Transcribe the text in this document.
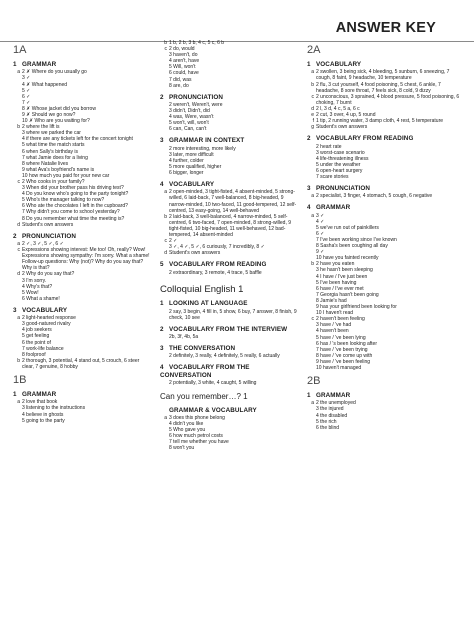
ANSWER KEY
1A
1 GRAMMAR
a 2 ✗ Where do you usually go
3 ✓
4 ✗ What happened
5 ✓
6 ✓
7 ✓
8 ✗ Whose jacket did you borrow
9 ✗ Should we go now?
10 ✗ Who are you waiting for?
b 2 where the lift is
3 where we parked the car
4 if there are any tickets left for the concert tonight
5 what time the match starts
6 when Sally's birthday is
7 what Jamie does for a living
8 where Natalie lives
9 what Ava's boyfriend's name is
10 how much you paid for your new car
c 2 Who cooks in your family?
3 When did your brother pass his driving test?
4 Do you know who's going to the party tonight?
5 Who's the manager talking to now?
6 Who ate the chocolates I left in the cupboard?
7 Why didn't you come to school yesterday?
8 Do you remember what time the meeting is?
d Student's own answers
2 PRONUNCIATION
a 2 ✓, 3 ✓, 5 ✓, 6 ✓
c Expressions showing interest: Me too! Oh, really? Wow!
Expressions showing sympathy: I'm sorry. What a shame!
Follow-up questions: Why (not)? Why do you say that? Why is that?
d 2 Why do you say that?
3 I'm sorry.
4 Why's that?
5 Wow!
6 What a shame!
3 VOCABULARY
a 2 light-hearted response
3 good-natured rivalry
4 job seekers
5 get feeling
6 the point of
7 work-life balance
8 foolproof
b 2 thorough, 3 potential, 4 stand out, 5 crouch, 6 steer clear, 7 genuine, 8 hobby
1B
1 GRAMMAR
a 2 love that book
3 listening to the instructions
4 believe in ghosts
5 going to the party
b 1 b, 2 b, 3 b, 4 c, 5 c, 6 b
c 2 do, would
3 haven't, do
4 aren't, have
5 Will, won't
6 could, have
7 did, was
8 are, do
2 PRONUNCIATION
2 weren't, Weren't, were
3 didn't, Didn't, did
4 was, Were, wasn't
5 won't, will, won't
6 can, Can, can't
3 GRAMMAR IN CONTEXT
2 more interesting, more likely
3 later, more difficult
4 further, colder
5 more qualified, higher
6 bigger, longer
4 VOCABULARY
a 2 open-minded, 3 tight-fisted, 4 absent-minded, 5 strong-willed, 6 laid-back, 7 well-balanced, 8 big-headed, 9 narrow-minded, 10 two-faced, 11 good-tempered, 12 self-centred, 13 easy-going, 14 well-behaved
b 2 laid-back, 3 well-balanced, 4 narrow-minded, 5 self-centred, 6 two-faced, 7 open-minded, 8 strong-willed, 9 tight-fisted, 10 big-headed, 11 well-behaved, 12 bad-tempered, 14 absent-minded
c 2 ✓
3 ✓, 4 ✓, 5 ✓, 6 curiously, 7 incredibly, 8 ✓
d Student's own answers
5 VOCABULARY FROM READING
2 extraordinary, 3 remote, 4 trace, 5 baffle
Colloquial English 1
1 LOOKING AT LANGUAGE
2 say, 3 begin, 4 fill in, 5 show, 6 buy, 7 answer, 8 finish, 9 check, 10 see
2 VOCABULARY FROM THE INTERVIEW
2b, 3f, 4b, 5a
3 THE CONVERSATION
2 definitely, 3 really, 4 definitely, 5 really, 6 actually
4 VOCABULARY FROM THE CONVERSATION
2 potentially, 3 white, 4 caught, 5 willing
Can you remember…? 1
GRAMMAR & VOCABULARY
a 3 does this phone belong
4 didn't you like
5 Who gave you
6 how much petrol costs
7 tell me whether you have
8 won't you
2A
1 VOCABULARY
a 2 swollen, 3 being sick, 4 bleeding, 5 sunburn, 6 sneezing, 7 cough, 8 faint, 9 headache, 10 temperature
b 2 flu, 3 cut yourself, 4 food poisoning, 5 chest, 6 ankle, 7 headache, 8 sore throat, 7 feels sick, 8 cold, 9 dizzy
c 2 unconscious, 3 sprained, 4 blood pressure, 5 food poisoning, 6 choking, 7 burnt
d 2 l, 3 d, 4 c, 5 a, 6 c
e 2 cut, 3 over, 4 up, 5 round
f 1 tip, 2 running water, 3 damp cloth, 4 rest, 5 temperature
g Student's own answers
2 VOCABULARY FROM READING
2 heart rate
3 worst-case scenario
4 life-threatening illness
5 under the weather
6 open-heart surgery
7 scare stories
3 PRONUNCIATION
a 2 specialist, 3 finger, 4 stomach, 5 cough, 6 negative
4 GRAMMAR
a 3 ✓
4 ✓
5 we've run out of painkillers
6 ✓
7 I've been working since I've known
8 Sasha's been coughing all day
9 ✓
10 have you fainted recently
b 2 have you eaten
3 he hasn't been sleeping
4 I have / I've just been
5 I've been having
6 have / I've ever met
7 Georgia hasn't been going
8 Jamie's had
9 has your girlfriend been looking for
10 I haven't read
c 2 haven't been feeling
3 have / 've had
4 haven't been
5 have / 've been lying
6 has / 's been looking after
7 have / 've been trying
8 have / 've come up with
9 have / 've been feeling
10 haven't managed
2B
1 GRAMMAR
a 2 the unemployed
3 the injured
4 the disabled
5 the rich
6 the blind
